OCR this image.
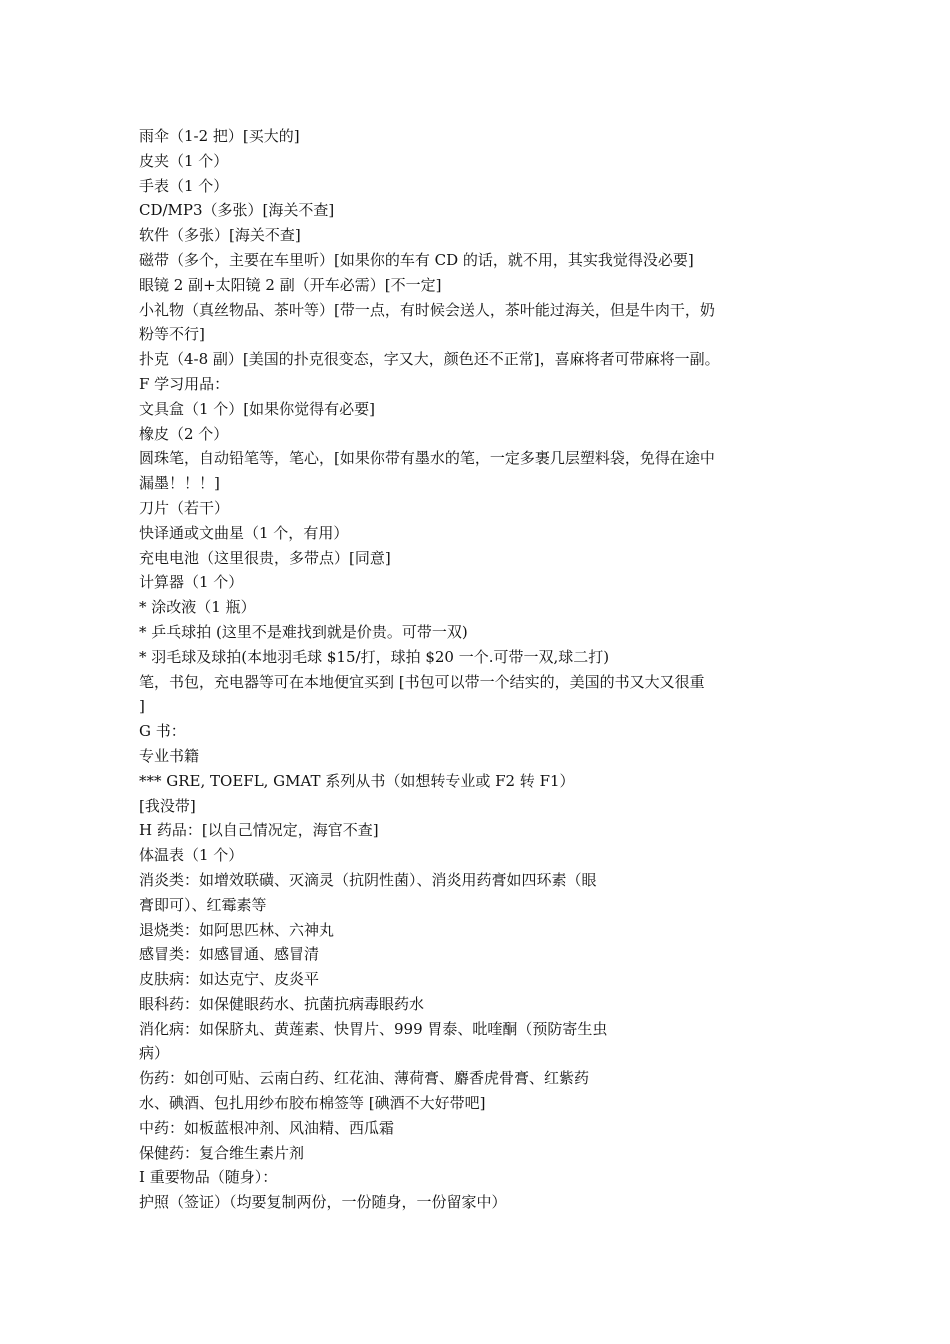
雨伞（1-2 把）[买大的]
皮夹（1 个）
手表（1 个）
CD/MP3（多张）[海关不查]
软件（多张）[海关不查]
磁带（多个，主要在车里听）[如果你的车有 CD 的话，就不用，其实我觉得没必要]
眼镜 2 副+太阳镜 2 副（开车必需）[不一定]
小礼物（真丝物品、茶叶等）[带一点，有时候会送人，茶叶能过海关，但是牛肉干，奶
粉等不行]
扑克（4-8 副）[美国的扑克很变态，字又大，颜色还不正常]，喜麻将者可带麻将一副。
F 学习用品：
文具盒（1 个）[如果你觉得有必要]
橡皮（2 个）
圆珠笔，自动铅笔等，笔心，[如果你带有墨水的笔，一定多裹几层塑料袋，免得在途中
漏墨！！！]
刀片（若干）
快译通或文曲星（1 个，有用）
充电电池（这里很贵，多带点）[同意]
计算器（1 个）
* 涂改液（1 瓶）
* 乒乓球拍 (这里不是难找到就是价贵。可带一双)
* 羽毛球及球拍(本地羽毛球 $15/打，球拍 $20 一个.可带一双,球二打)
笔，书包，充电器等可在本地便宜买到 [书包可以带一个结实的，美国的书又大又很重
]
G 书：
专业书籍
*** GRE, TOEFL, GMAT 系列从书（如想转专业或 F2 转 F1）
[我没带]
H 药品：[以自己情况定，海官不查]
体温表（1 个）
消炎类：如增效联磺、灭滴灵（抗阴性菌）、消炎用药膏如四环素（眼
膏即可）、红霉素等
退烧类：如阿思匹林、六神丸
感冒类：如感冒通、感冒清
皮肤病：如达克宁、皮炎平
眼科药：如保健眼药水、抗菌抗病毒眼药水
消化病：如保脐丸、黄莲素、快胃片、999 胃泰、吡喹酮（预防寄生虫
病）
伤药：如创可贴、云南白药、红花油、薄荷膏、麝香虎骨膏、红紫药
水、碘酒、包扎用纱布胶布棉签等 [碘酒不大好带吧]
中药：如板蓝根冲剂、风油精、西瓜霜
保健药：复合维生素片剂
I 重要物品（随身）：
护照（签证）（均要复制两份，一份随身，一份留家中）
